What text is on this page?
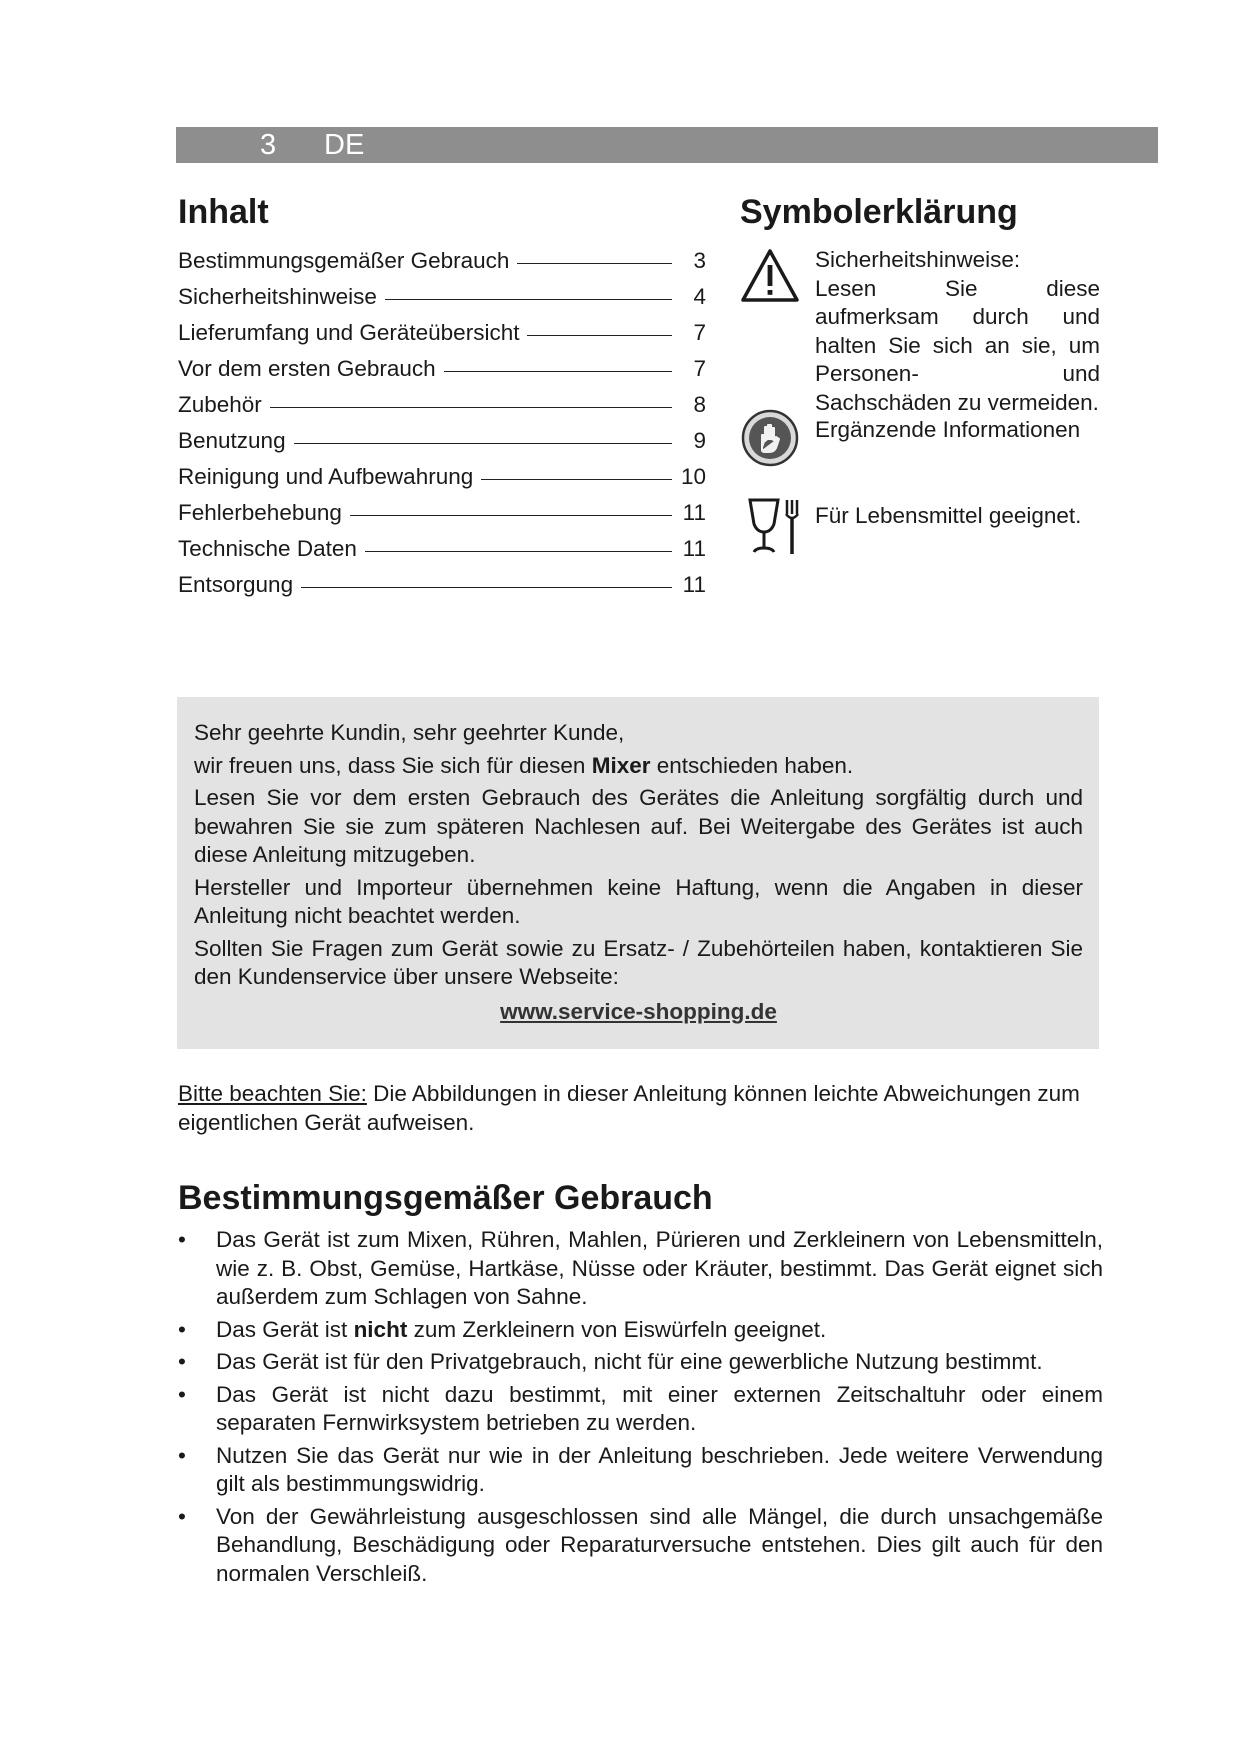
3 DE
Inhalt
Bestimmungsgemäßer Gebrauch	3
Sicherheitshinweise	4
Lieferumfang und Geräteübersicht	7
Vor dem ersten Gebrauch	7
Zubehör	8
Benutzung	9
Reinigung und Aufbewahrung	10
Fehlerbehebung	11
Technische Daten	11
Entsorgung	11
Symbolerklärung
Sicherheitshinweise:
Lesen Sie diese aufmerksam durch und halten Sie sich an sie, um Personen- und Sachschäden zu vermeiden.
Ergänzende Informationen
Für Lebensmittel geeignet.

Sehr geehrte Kundin, sehr geehrter Kunde,

wir freuen uns, dass Sie sich für diesen Mixer entschieden haben.

Lesen Sie vor dem ersten Gebrauch des Gerätes die Anleitung sorgfältig durch und bewahren Sie sie zum späteren Nachlesen auf. Bei Weitergabe des Gerätes ist auch diese Anleitung mitzugeben.

Hersteller und Importeur übernehmen keine Haftung, wenn die Angaben in dieser Anleitung nicht beachtet werden.

Sollten Sie Fragen zum Gerät sowie zu Ersatz- / Zubehörteilen haben, kontaktieren Sie den Kundenservice über unsere Webseite:

www.service-shopping.de

Bitte beachten Sie: Die Abbildungen in dieser Anleitung können leichte Abweichungen zum eigentlichen Gerät aufweisen.
Bestimmungsgemäßer Gebrauch
• Das Gerät ist zum Mixen, Rühren, Mahlen, Pürieren und Zerkleinern von Lebensmitteln, wie z. B. Obst, Gemüse, Hartkäse, Nüsse oder Kräuter, bestimmt. Das Gerät eignet sich außerdem zum Schlagen von Sahne.
• Das Gerät ist nicht zum Zerkleinern von Eiswürfeln geeignet.
• Das Gerät ist für den Privatgebrauch, nicht für eine gewerbliche Nutzung bestimmt.
• Das Gerät ist nicht dazu bestimmt, mit einer externen Zeitschaltuhr oder einem separaten Fernwirksystem betrieben zu werden.
• Nutzen Sie das Gerät nur wie in der Anleitung beschrieben. Jede weitere Verwendung gilt als bestimmungswidrig.
• Von der Gewährleistung ausgeschlossen sind alle Mängel, die durch unsachgemäße Behandlung, Beschädigung oder Reparaturversuche entstehen. Dies gilt auch für den normalen Verschleiß.
